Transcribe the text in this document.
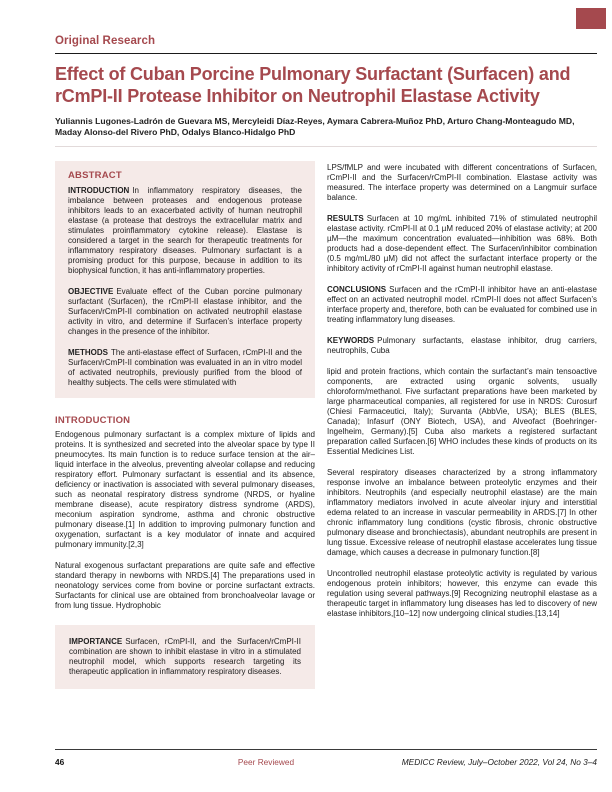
Original Research
Effect of Cuban Porcine Pulmonary Surfactant (Surfacen) and rCmPI-II Protease Inhibitor on Neutrophil Elastase Activity
Yuliannis Lugones-Ladrón de Guevara MS, Mercyleidi Díaz-Reyes, Aymara Cabrera-Muñoz PhD, Arturo Chang-Monteagudo MD, Maday Alonso-del Rivero PhD, Odalys Blanco-Hidalgo PhD
ABSTRACT

INTRODUCTION In inflammatory respiratory diseases, the imbalance between proteases and endogenous protease inhibitors leads to an exacerbated activity of human neutrophil elastase (a protease that destroys the extracellular matrix and stimulates proinflammatory cytokine release). Elastase is considered a target in the search for therapeutic treatments for inflammatory respiratory diseases. Pulmonary surfactant is a promising product for this purpose, because in addition to its biophysical function, it has anti-inflammatory properties.

OBJECTIVE Evaluate effect of the Cuban porcine pulmonary surfactant (Surfacen), the rCmPI-II elastase inhibitor, and the Surfacen/rCmPI-II combination on activated neutrophil elastase activity in vitro, and determine if Surfacen’s interface property changes in the presence of the inhibitor.

METHODS The anti-elastase effect of Surfacen, rCmPI-II and the Surfacen/rCmPI-II combination was evaluated in an in vitro model of activated neutrophils, previously purified from the blood of healthy subjects. The cells were stimulated with

INTRODUCTION

Endogenous pulmonary surfactant is a complex mixture of lipids and proteins. It is synthesized and secreted into the alveolar space by type II pneumocytes. Its main function is to reduce surface tension at the air–liquid interface in the alveolus, preventing alveolar collapse and reducing respiratory effort. Pulmonary surfactant is essential and its absence, deficiency or inactivation is associated with several pulmonary diseases, such as neonatal respiratory distress syndrome (NRDS, or hyaline membrane disease), acute respiratory distress syndrome (ARDS), meconium aspiration syndrome, asthma and chronic obstructive pulmonary disease.[1] In addition to improving pulmonary function and oxygenation, surfactant is a key modulator of innate and acquired pulmonary immunity.[2,3]

Natural exogenous surfactant preparations are quite safe and effective standard therapy in newborns with NRDS.[4] The preparations used in neonatology services come from bovine or porcine surfactant extracts. Surfactants for clinical use are obtained from bronchoalveolar lavage or from lung tissue. Hydrophobic

IMPORTANCE Surfacen, rCmPI-II, and the Surfacen/rCmPI-II combination are shown to inhibit elastase in vitro in a stimulated neutrophil model, which supports research targeting its therapeutic application in inflammatory respiratory diseases.

LPS/fMLP and were incubated with different concentrations of Surfacen, rCmPI-II and the Surfacen/rCmPI-II combination. Elastase activity was measured. The interface property was determined on a Langmuir surface balance.

RESULTS Surfacen at 10 mg/mL inhibited 71% of stimulated neutrophil elastase activity. rCmPI-II at 0.1 µM reduced 20% of elastase activity; at 200 µM—the maximum concentration evaluated—inhibition was 68%. Both products had a dose-dependent effect. The Surfacen/inhibitor combination (0.5 mg/mL/80 µM) did not affect the surfactant interface property or the inhibitory activity of rCmPI-II against human neutrophil elastase.

CONCLUSIONS Surfacen and the rCmPI-II inhibitor have an anti-elastase effect on an activated neutrophil model. rCmPI-II does not affect Surfacen’s interface property and, therefore, both can be evaluated for combined use in treating inflammatory lung diseases.

KEYWORDS Pulmonary surfactants, elastase inhibitor, drug carriers, neutrophils, Cuba

lipid and protein fractions, which contain the surfactant’s main tensoactive components, are extracted using organic solvents, usually chloroform/methanol. Five surfactant preparations have been marketed by large pharmaceutical companies, all registered for use in NRDS: Curosurf (Chiesi Farmaceutici, Italy); Survanta (AbbVie, USA); BLES (BLES, Canada); Infasurf (ONY Biotech, USA), and Alveofact (Boehringer-Ingelheim, Germany).[5] Cuba also markets a registered surfactant preparation called Surfacen.[6] WHO includes these kinds of products on its Essential Medicines List.

Several respiratory diseases characterized by a strong inflammatory response involve an imbalance between proteolytic enzymes and their inhibitors. Neutrophils (and especially neutrophil elastase) are the main inflammatory mediators involved in acute alveolar injury and interstitial edema related to an increase in vascular permeability in ARDS.[7] In other chronic inflammatory lung conditions (cystic fibrosis, chronic obstructive pulmonary disease and bronchiectasis), abundant neutrophils are present in lung tissue. Excessive release of neutrophil elastase accelerates lung tissue damage, which causes a decrease in pulmonary function.[8]

Uncontrolled neutrophil elastase proteolytic activity is regulated by various endogenous protein inhibitors; however, this enzyme can evade this regulation using several pathways.[9] Recognizing neutrophil elastase as a therapeutic target in inflammatory lung diseases has led to discovery of new elastase inhibitors,[10–12] now undergoing clinical studies.[13,14]

46	Peer Reviewed	MEDICC Review, July–October 2022, Vol 24, No 3–4
